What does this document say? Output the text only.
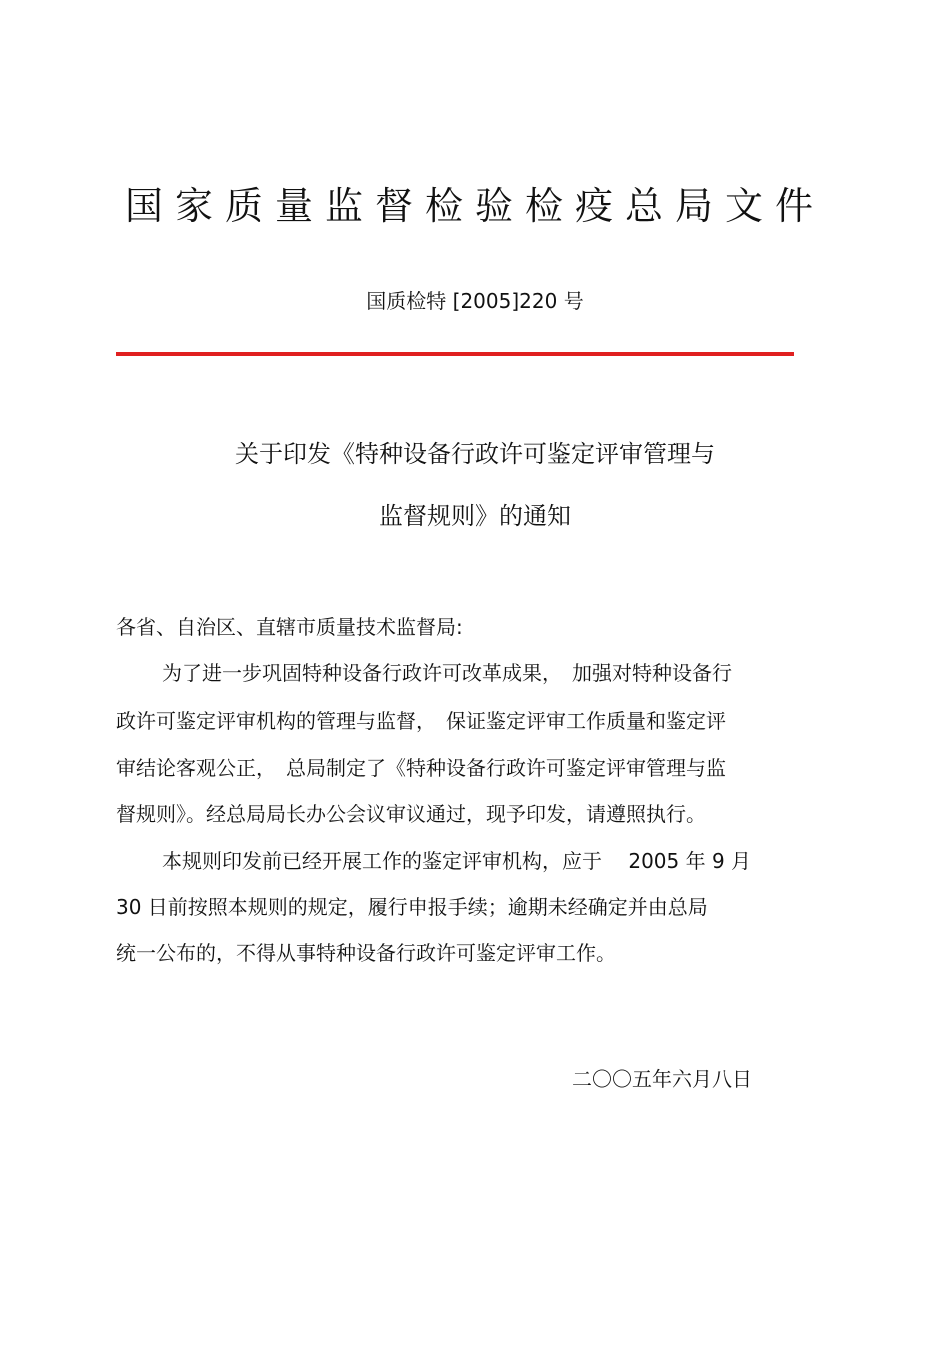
国家质量监督检验检疫总局文件
国质检特 [2005]220 号
关于印发《特种设备行政许可鉴定评审管理与
监督规则》的通知
各省、自治区、直辖市质量技术监督局:
为了进一步巩固特种设备行政许可改革成果，　加强对特种设备行
政许可鉴定评审机构的管理与监督，　保证鉴定评审工作质量和鉴定评
审结论客观公正，　总局制定了《特种设备行政许可鉴定评审管理与监
督规则》。经总局局长办公会议审议通过，现予印发，请遵照执行。
本规则印发前已经开展工作的鉴定评审机构，应于　 2005 年 9 月
30 日前按照本规则的规定，履行申报手续；逾期未经确定并由总局
统一公布的，不得从事特种设备行政许可鉴定评审工作。
二〇〇五年六月八日
